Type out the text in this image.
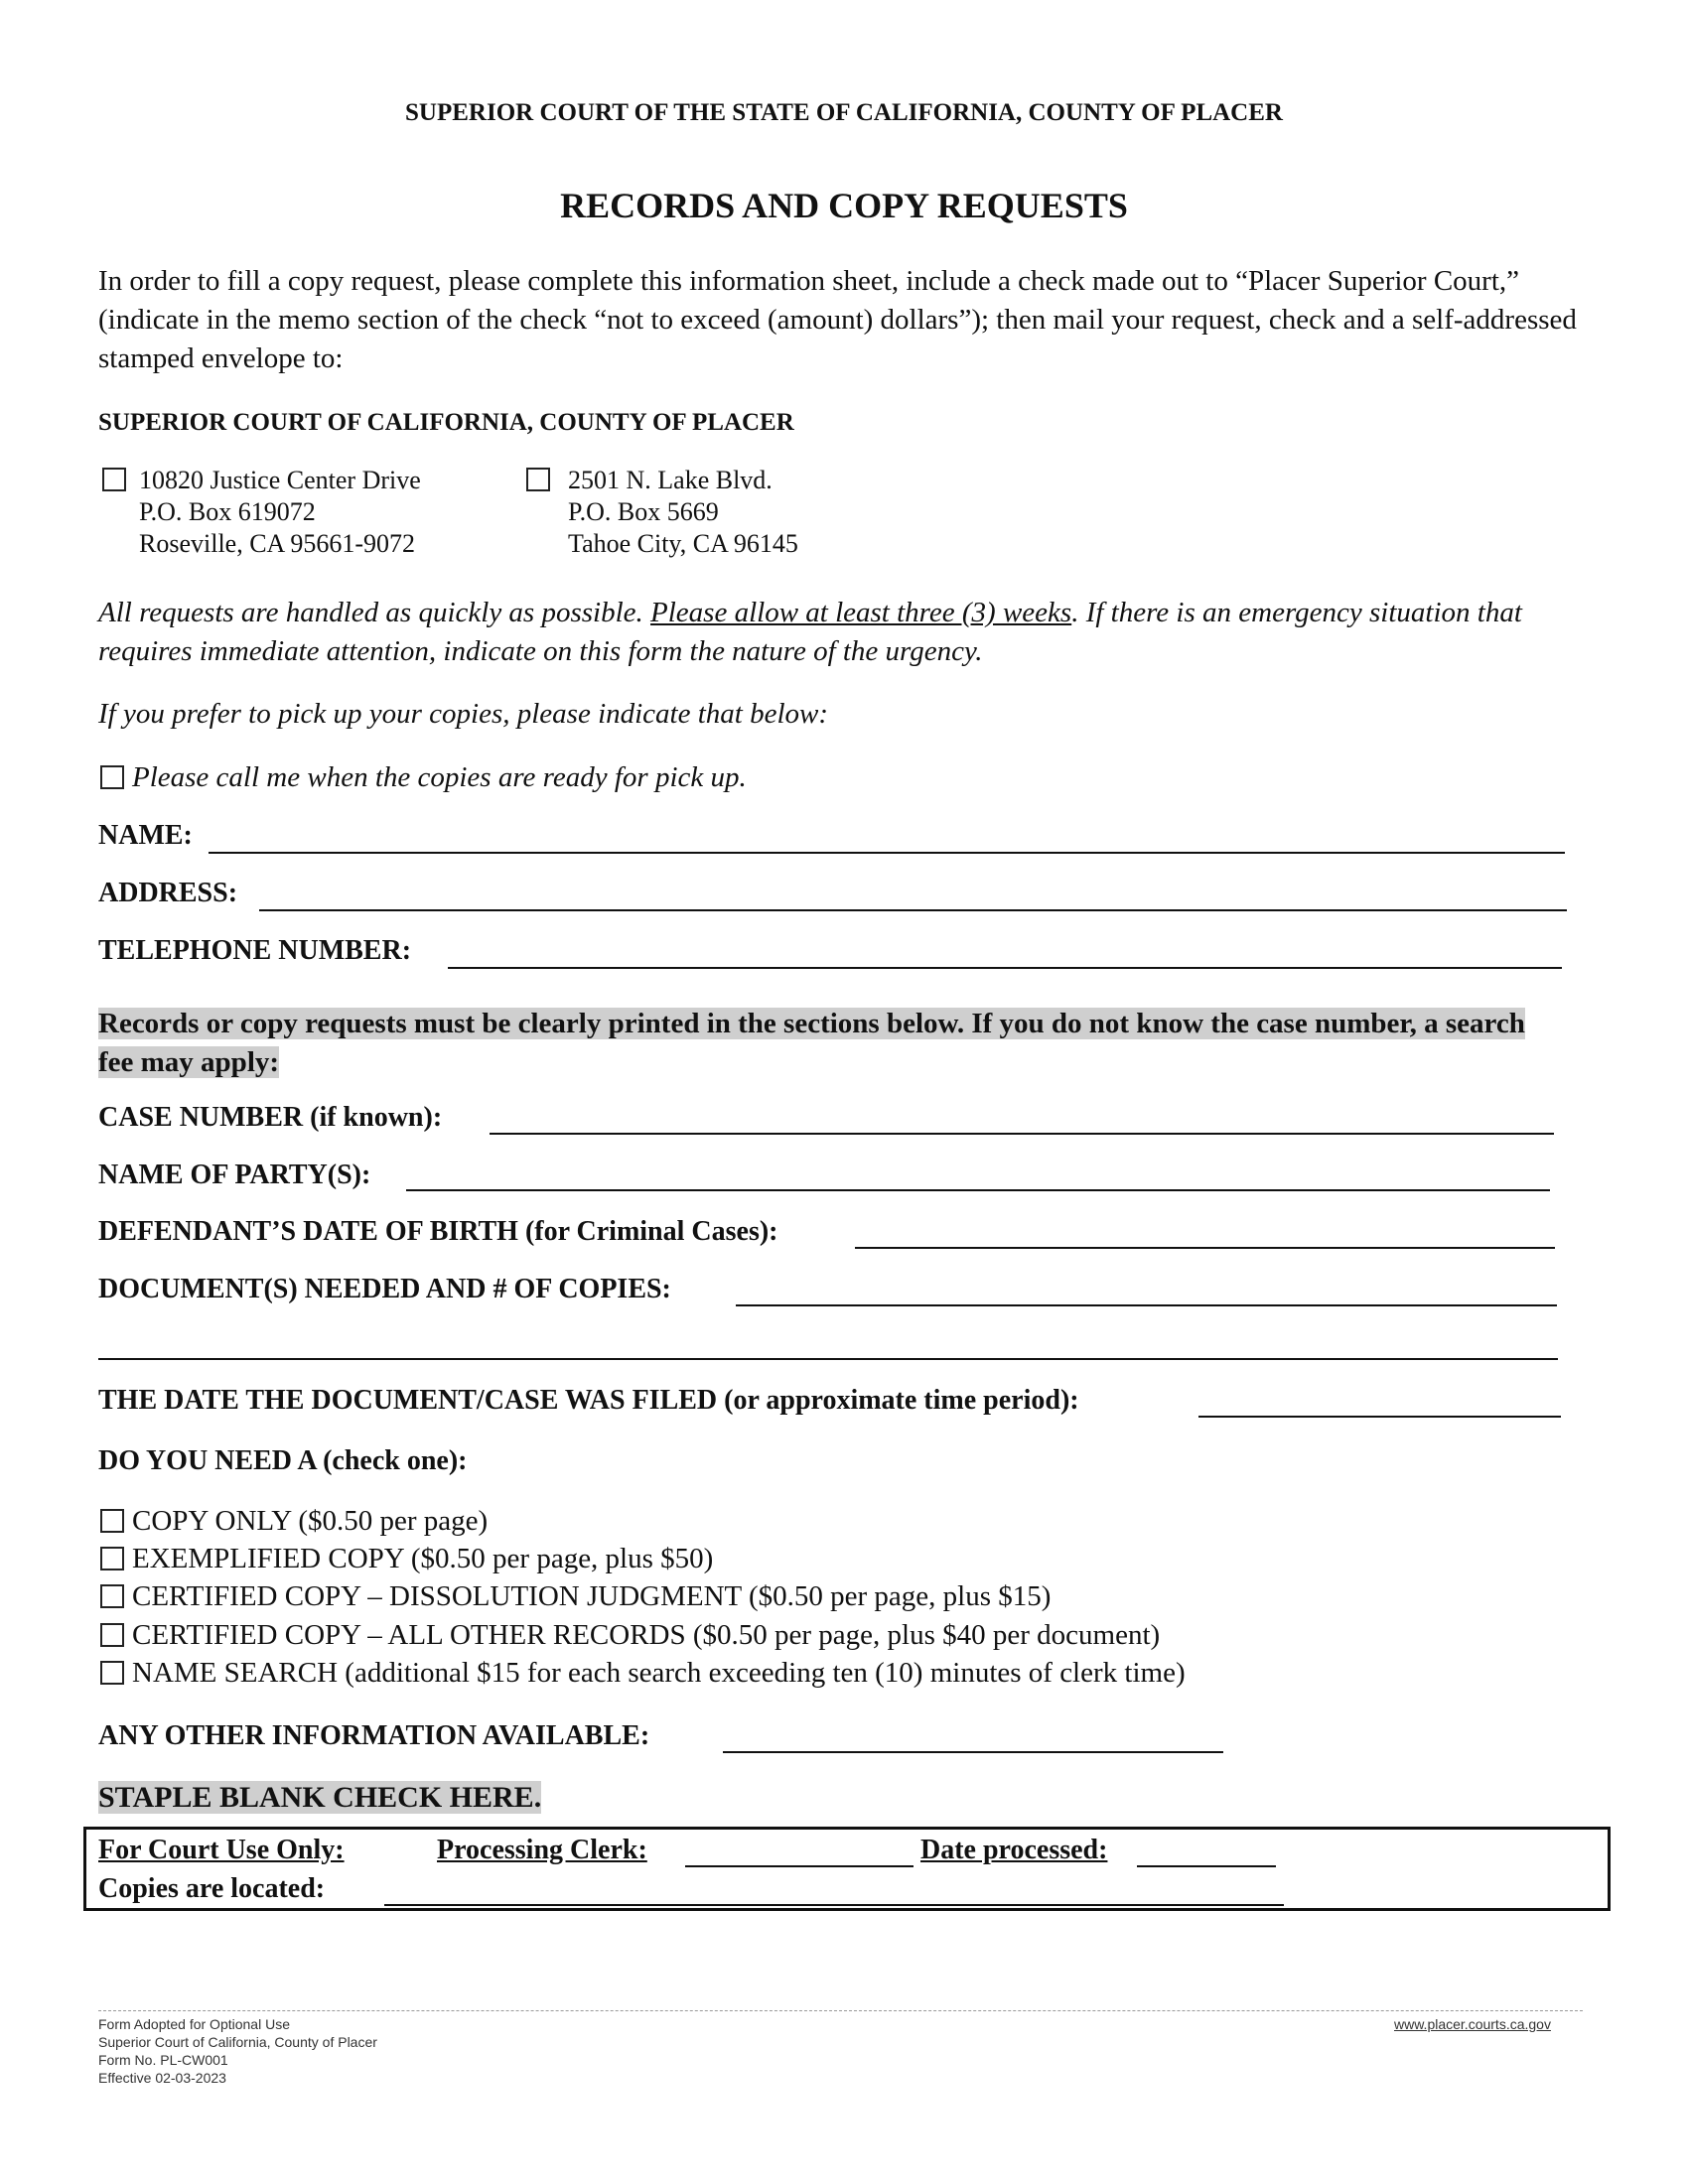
SUPERIOR COURT OF THE STATE OF CALIFORNIA, COUNTY OF PLACER
RECORDS AND COPY REQUESTS
In order to fill a copy request, please complete this information sheet, include a check made out to “Placer Superior Court,” (indicate in the memo section of the check “not to exceed (amount) dollars”); then mail your request, check and a self-addressed stamped envelope to:
SUPERIOR COURT OF CALIFORNIA, COUNTY OF PLACER
10820 Justice Center Drive
P.O. Box 619072
Roseville, CA 95661-9072
2501 N. Lake Blvd.
P.O. Box 5669
Tahoe City, CA 96145
All requests are handled as quickly as possible. Please allow at least three (3) weeks. If there is an emergency situation that requires immediate attention, indicate on this form the nature of the urgency.
If you prefer to pick up your copies, please indicate that below:
Please call me when the copies are ready for pick up.
NAME:
ADDRESS:
TELEPHONE NUMBER:
Records or copy requests must be clearly printed in the sections below. If you do not know the case number, a search fee may apply:
CASE NUMBER (if known):
NAME OF PARTY(S):
DEFENDANT’S DATE OF BIRTH (for Criminal Cases):
DOCUMENT(S) NEEDED AND # OF COPIES:
THE DATE THE DOCUMENT/CASE WAS FILED (or approximate time period):
DO YOU NEED A (check one):
COPY ONLY ($0.50 per page)
EXEMPLIFIED COPY ($0.50 per page, plus $50)
CERTIFIED COPY – DISSOLUTION JUDGMENT ($0.50 per page, plus $15)
CERTIFIED COPY – ALL OTHER RECORDS ($0.50 per page, plus $40 per document)
NAME SEARCH (additional $15 for each search exceeding ten (10) minutes of clerk time)
ANY OTHER INFORMATION AVAILABLE:
STAPLE BLANK CHECK HERE.
For Court Use Only:	Processing Clerk:	Date processed:
Copies are located:
Form Adopted for Optional Use
Superior Court of California, County of Placer
Form No. PL-CW001
Effective 02-03-2023
www.placer.courts.ca.gov
